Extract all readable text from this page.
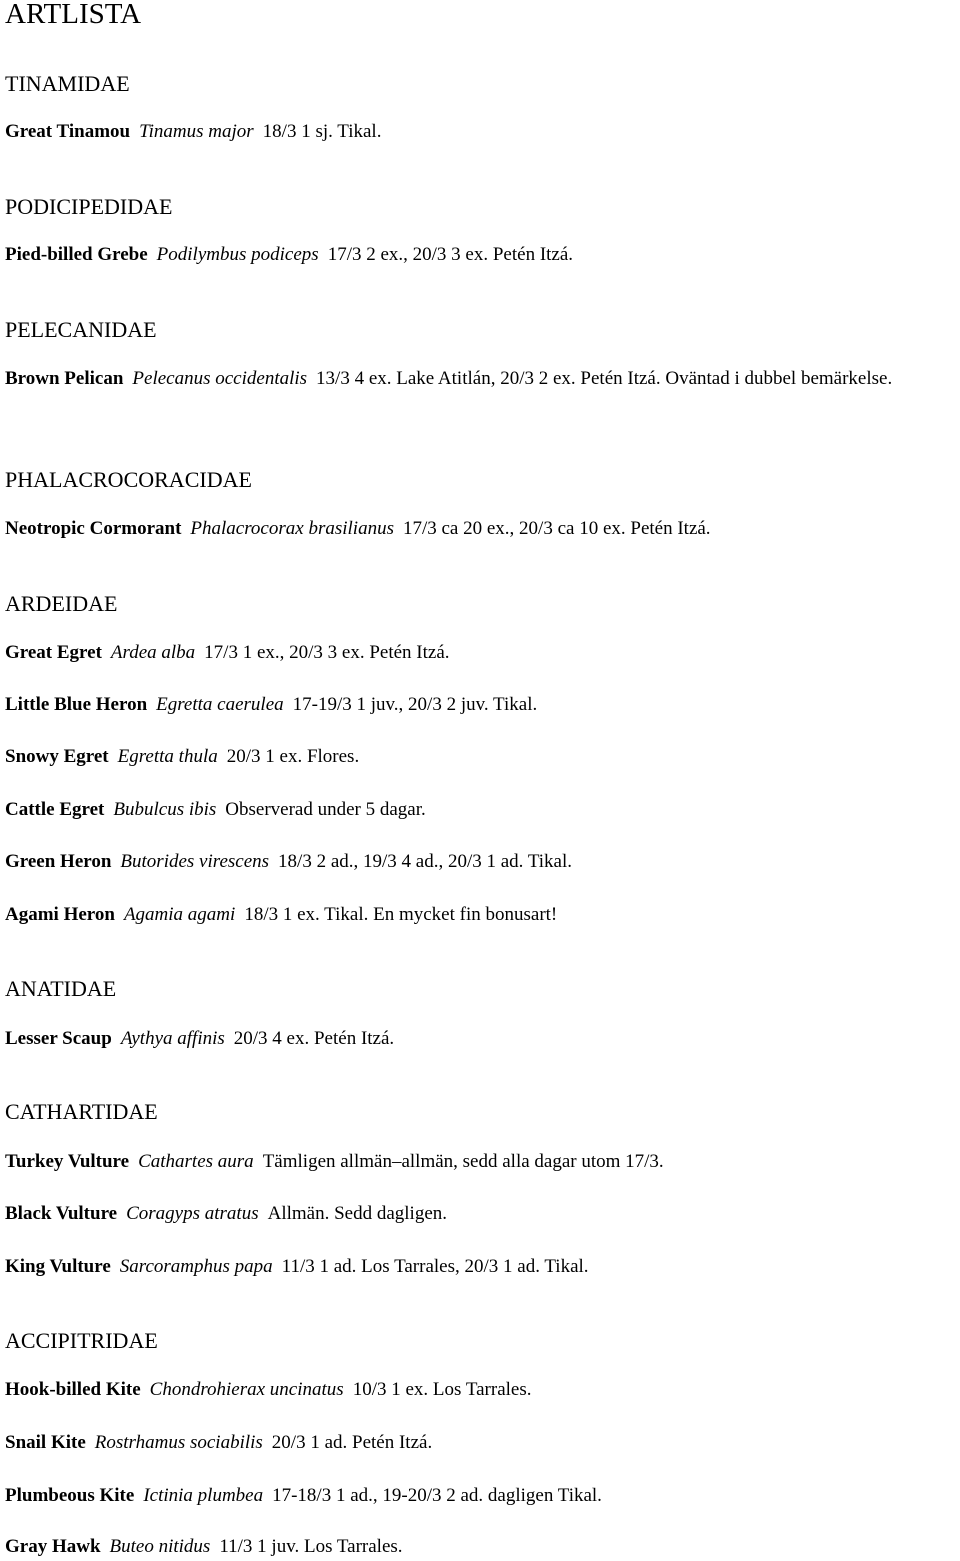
ARTLISTA
TINAMIDAE
Great Tinamou Tinamus major 18/3 1 sj. Tikal.
PODICIPEDIDAE
Pied-billed Grebe Podilymbus podiceps 17/3 2 ex., 20/3 3 ex. Petén Itzá.
PELECANIDAE
Brown Pelican Pelecanus occidentalis 13/3 4 ex. Lake Atitlán, 20/3 2 ex. Petén Itzá. Oväntad i dubbel bemärkelse.
PHALACROCORACIDAE
Neotropic Cormorant Phalacrocorax brasilianus 17/3 ca 20 ex., 20/3 ca 10 ex. Petén Itzá.
ARDEIDAE
Great Egret Ardea alba 17/3 1 ex., 20/3 3 ex. Petén Itzá.
Little Blue Heron Egretta caerulea 17-19/3 1 juv., 20/3 2 juv. Tikal.
Snowy Egret Egretta thula 20/3 1 ex. Flores.
Cattle Egret Bubulcus ibis Observerad under 5 dagar.
Green Heron Butorides virescens 18/3 2 ad., 19/3 4 ad., 20/3 1 ad. Tikal.
Agami Heron Agamia agami 18/3 1 ex. Tikal. En mycket fin bonusart!
ANATIDAE
Lesser Scaup Aythya affinis 20/3 4 ex. Petén Itzá.
CATHARTIDAE
Turkey Vulture Cathartes aura Tämligen allmän–allmän, sedd alla dagar utom 17/3.
Black Vulture Coragyps atratus Allmän. Sedd dagligen.
King Vulture Sarcoramphus papa 11/3 1 ad. Los Tarrales, 20/3 1 ad. Tikal.
ACCIPITRIDAE
Hook-billed Kite Chondrohierax uncinatus 10/3 1 ex. Los Tarrales.
Snail Kite Rostrhamus sociabilis 20/3 1 ad. Petén Itzá.
Plumbeous Kite Ictinia plumbea 17-18/3 1 ad., 19-20/3 2 ad. dagligen Tikal.
Gray Hawk Buteo nitidus 11/3 1 juv. Los Tarrales.
